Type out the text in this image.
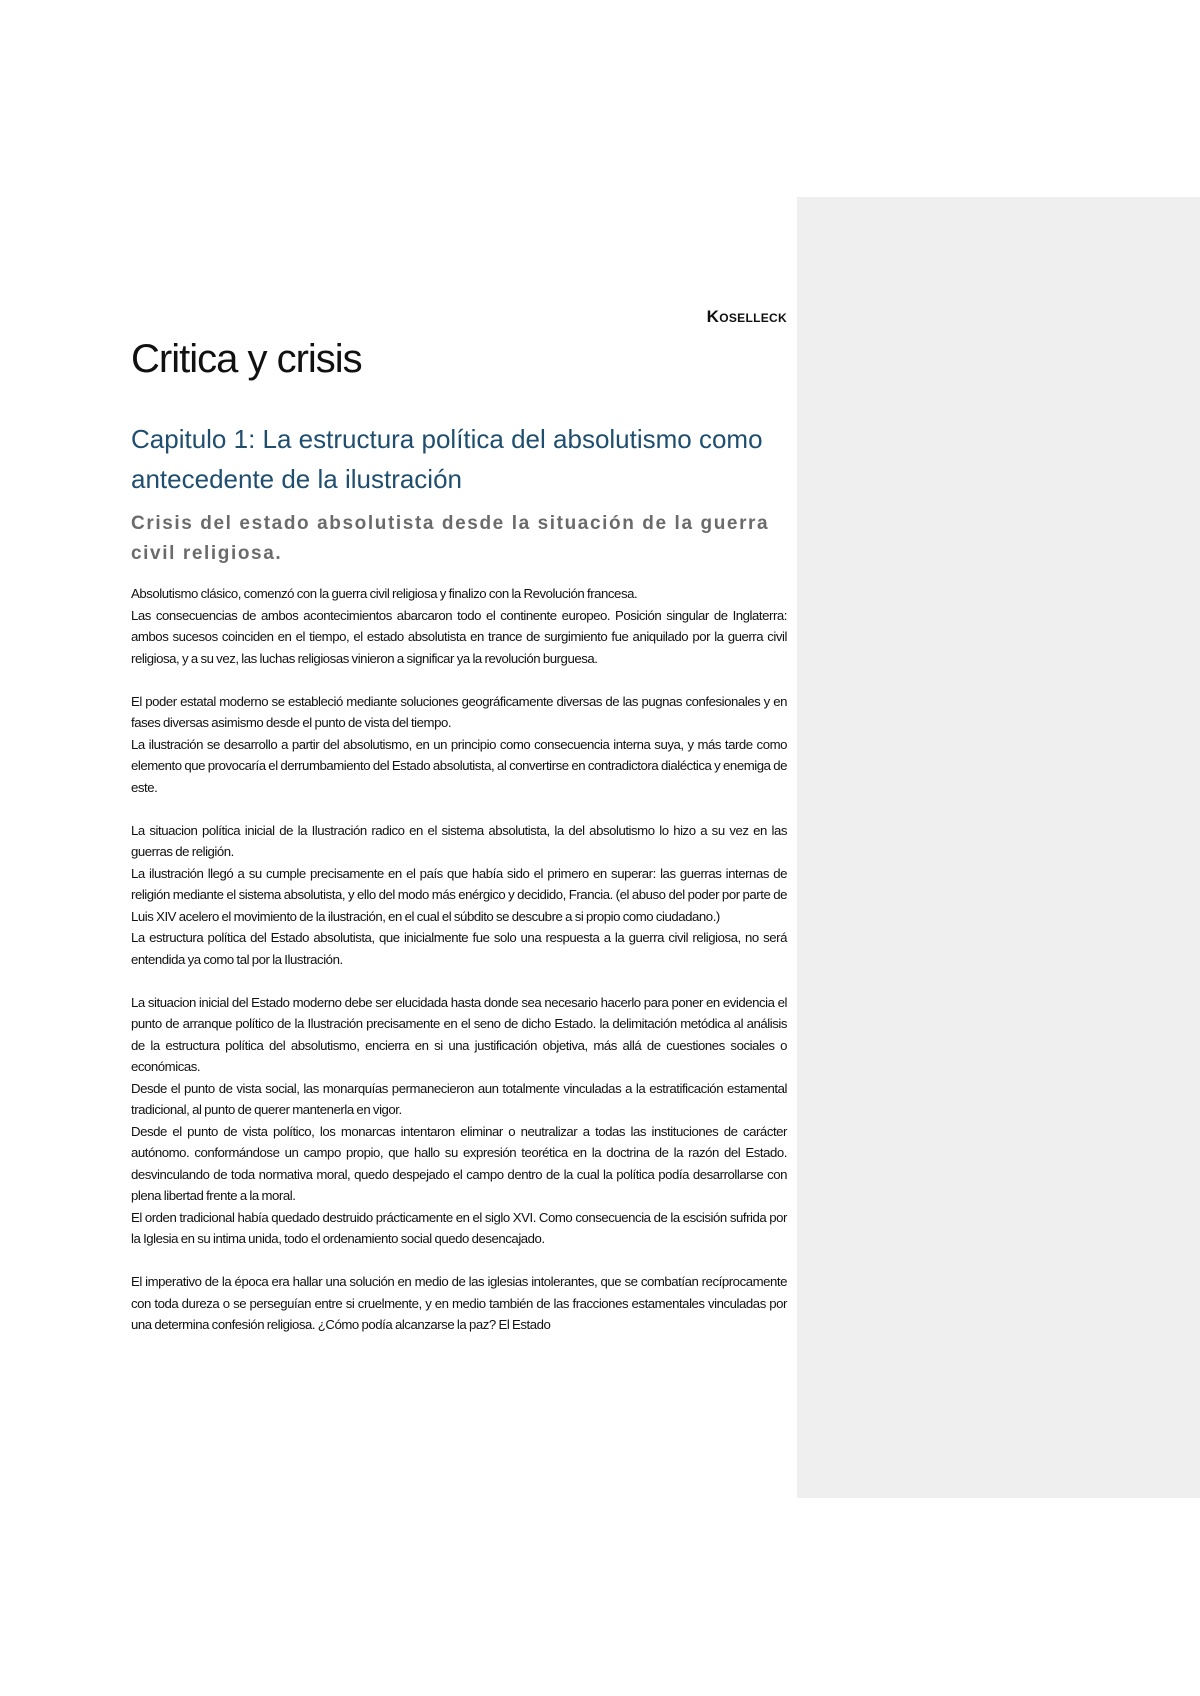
Koselleck
Critica y crisis
Capitulo 1: La estructura política del absolutismo como antecedente de la ilustración
Crisis del estado absolutista desde la situación de la guerra civil religiosa.

Absolutismo clásico, comenzó con la guerra civil religiosa y finalizo con la Revolución francesa.
Las consecuencias de ambos acontecimientos abarcaron todo el continente europeo. Posición singular de Inglaterra: ambos sucesos coinciden en el tiempo, el estado absolutista en trance de surgimiento fue aniquilado por la guerra civil religiosa, y a su vez, las luchas religiosas vinieron a significar ya la revolución burguesa.

El poder estatal moderno se estableció mediante soluciones geográficamente diversas de las pugnas confesionales y en fases diversas asimismo desde el punto de vista del tiempo.
La ilustración se desarrollo a partir del absolutismo, en un principio como consecuencia interna suya, y más tarde como elemento que provocaría el derrumbamiento del Estado absolutista, al convertirse en contradictora dialéctica y enemiga de este.

La situacion política inicial de la Ilustración radico en el sistema absolutista, la del absolutismo lo hizo a su vez en las guerras de religión.
La ilustración llegó a su cumple precisamente en el país que había sido el primero en superar: las guerras internas de religión mediante el sistema absolutista, y ello del modo más enérgico y decidido, Francia. (el abuso del poder por parte de Luis XIV acelero el movimiento de la ilustración, en el cual el súbdito se descubre a si propio como ciudadano.)
La estructura política del Estado absolutista, que inicialmente fue solo una respuesta a la guerra civil religiosa, no será entendida ya como tal por la Ilustración.

La situacion inicial del Estado moderno debe ser elucidada hasta donde sea necesario hacerlo para poner en evidencia el punto de arranque político de la Ilustración precisamente en el seno de dicho Estado. la delimitación metódica al análisis de la estructura política del absolutismo, encierra en si una justificación objetiva, más allá de cuestiones sociales o económicas.
Desde el punto de vista social, las monarquías permanecieron aun totalmente vinculadas a la estratificación estamental tradicional, al punto de querer mantenerla en vigor.
Desde el punto de vista político, los monarcas intentaron eliminar o neutralizar a todas las instituciones de carácter autónomo. conformándose un campo propio, que hallo su expresión teorética en la doctrina de la razón del Estado. desvinculando de toda normativa moral, quedo despejado el campo dentro de la cual la política podía desarrollarse con plena libertad frente a la moral.
El orden tradicional había quedado destruido prácticamente en el siglo XVI. Como consecuencia de la escisión sufrida por la Iglesia en su intima unida, todo el ordenamiento social quedo desencajado.

El imperativo de la época era hallar una solución en medio de las iglesias intolerantes, que se combatían recíprocamente con toda dureza o se perseguían entre si cruelmente, y en medio también de las fracciones estamentales vinculadas por una determina confesión religiosa. ¿Cómo podía alcanzarse la paz? El Estado
